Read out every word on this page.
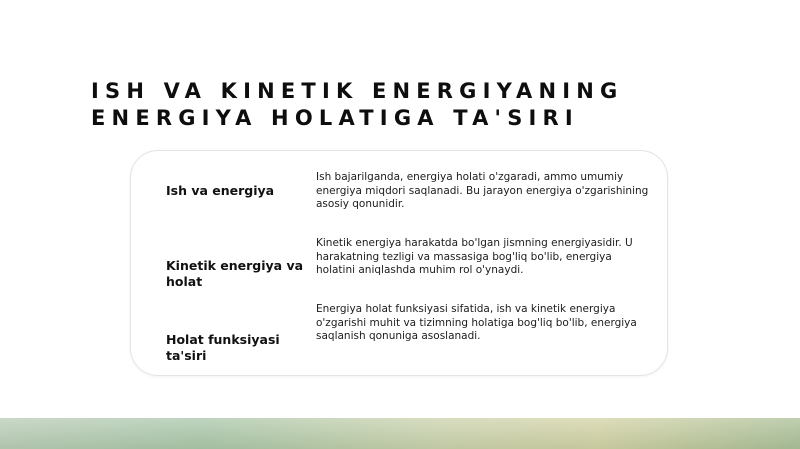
ISH VA KINETIK ENERGIYANING
ENERGIYA HOLATIGA TA'SIRI
Ish va energiya
Ish bajarilganda, energiya holati o'zgaradi, ammo umumiy energiya miqdori saqlanadi. Bu jarayon energiya o'zgarishining asosiy qonunidir.
Kinetik energiya va holat
Kinetik energiya harakatda bo'lgan jismning energiyasidir. U harakatning tezligi va massasiga bog'liq bo'lib, energiya holatini aniqlashda muhim rol o'ynaydi.
Holat funksiyasi ta'siri
Energiya holat funksiyasi sifatida, ish va kinetik energiya o'zgarishi muhit va tizimning holatiga bog'liq bo'lib, energiya saqlanish qonuniga asoslanadi.
